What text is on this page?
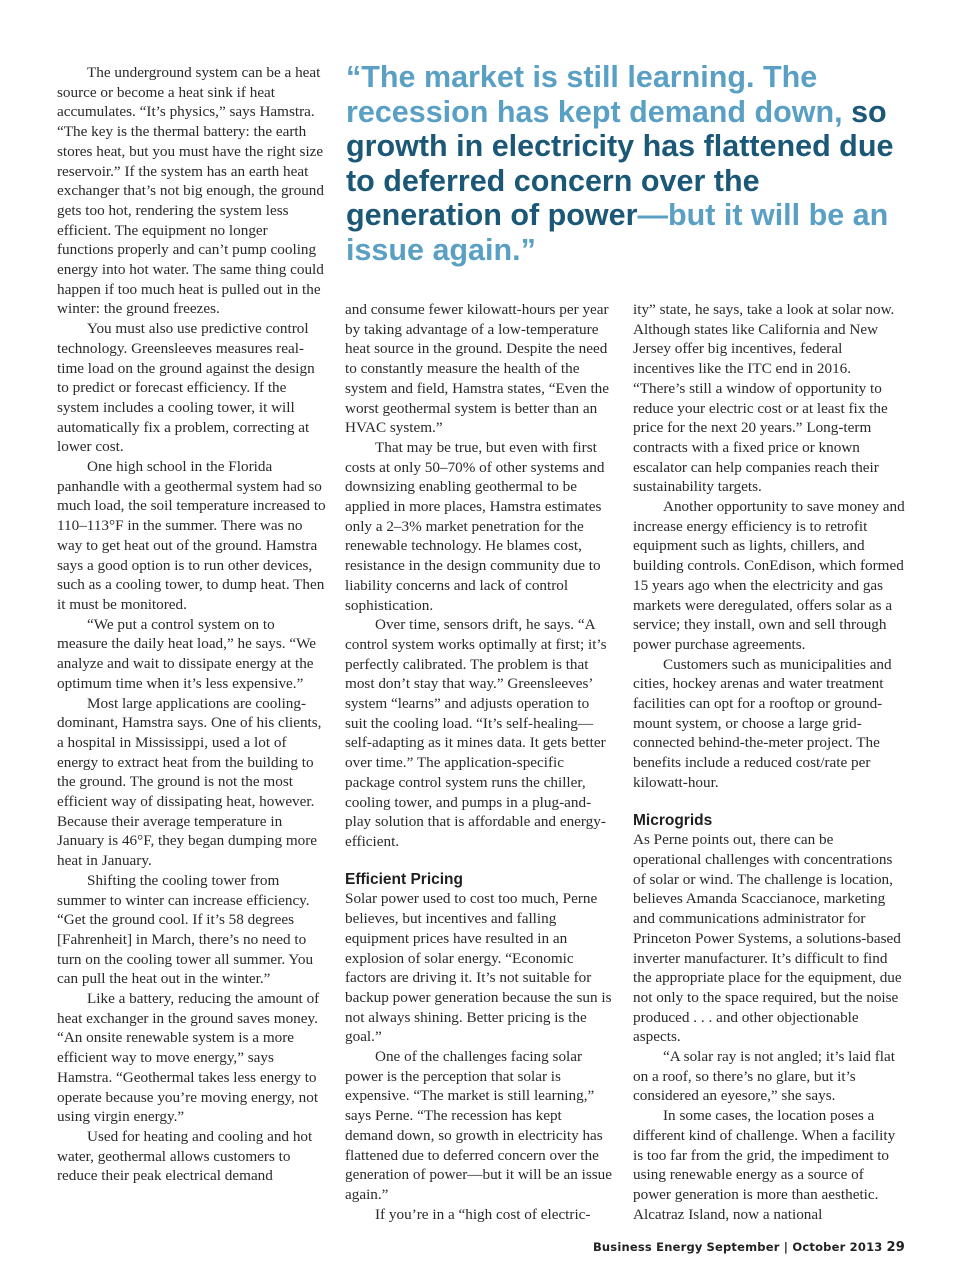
“The market is still learning. The recession has kept demand down, so growth in electricity has flattened due to deferred concern over the generation of power—but it will be an issue again.”

The underground system can be a heat source or become a heat sink if heat accumulates. “It’s physics,” says Hamstra. “The key is the thermal battery: the earth stores heat, but you must have the right size reservoir.” If the system has an earth heat exchanger that’s not big enough, the ground gets too hot, rendering the system less efficient. The equipment no longer functions properly and can’t pump cooling energy into hot water. The same thing could happen if too much heat is pulled out in the winter: the ground freezes.

You must also use predictive control technology. Greensleeves measures real-time load on the ground against the design to predict or forecast efficiency. If the system includes a cooling tower, it will automatically fix a problem, correcting at lower cost.

One high school in the Florida panhandle with a geothermal system had so much load, the soil temperature increased to 110–113°F in the summer. There was no way to get heat out of the ground. Hamstra says a good option is to run other devices, such as a cooling tower, to dump heat. Then it must be monitored.

“We put a control system on to measure the daily heat load,” he says. “We analyze and wait to dissipate energy at the optimum time when it’s less expensive.”

Most large applications are cooling-dominant, Hamstra says. One of his clients, a hospital in Mississippi, used a lot of energy to extract heat from the building to the ground. The ground is not the most efficient way of dissipating heat, however. Because their average temperature in January is 46°F, they began dumping more heat in January.

Shifting the cooling tower from summer to winter can increase efficiency. “Get the ground cool. If it’s 58 degrees [Fahrenheit] in March, there’s no need to turn on the cooling tower all summer. You can pull the heat out in the winter.”

Like a battery, reducing the amount of heat exchanger in the ground saves money. “An onsite renewable system is a more efficient way to move energy,” says Hamstra. “Geothermal takes less energy to operate because you’re moving energy, not using virgin energy.”

Used for heating and cooling and hot water, geothermal allows customers to reduce their peak electrical demand

and consume fewer kilowatt-hours per year by taking advantage of a low-temperature heat source in the ground. Despite the need to constantly measure the health of the system and field, Hamstra states, “Even the worst geothermal system is better than an HVAC system.”

That may be true, but even with first costs at only 50–70% of other systems and downsizing enabling geothermal to be applied in more places, Hamstra estimates only a 2–3% market penetration for the renewable technology. He blames cost, resistance in the design community due to liability concerns and lack of control sophistication.

Over time, sensors drift, he says. “A control system works optimally at first; it’s perfectly calibrated. The problem is that most don’t stay that way.” Greensleeves’ system “learns” and adjusts operation to suit the cooling load. “It’s self-healing—self-adapting as it mines data. It gets better over time.” The application-specific package control system runs the chiller, cooling tower, and pumps in a plug-and-play solution that is affordable and energy-efficient.

Efficient Pricing

Solar power used to cost too much, Perne believes, but incentives and falling equipment prices have resulted in an explosion of solar energy. “Economic factors are driving it. It’s not suitable for backup power generation because the sun is not always shining. Better pricing is the goal.”

One of the challenges facing solar power is the perception that solar is expensive. “The market is still learning,” says Perne. “The recession has kept demand down, so growth in electricity has flattened due to deferred concern over the generation of power—but it will be an issue again.”

If you’re in a “high cost of electric-

ity” state, he says, take a look at solar now. Although states like California and New Jersey offer big incentives, federal incentives like the ITC end in 2016. “There’s still a window of opportunity to reduce your electric cost or at least fix the price for the next 20 years.” Long-term contracts with a fixed price or known escalator can help companies reach their sustainability targets.

Another opportunity to save money and increase energy efficiency is to retrofit equipment such as lights, chillers, and building controls. ConEdison, which formed 15 years ago when the electricity and gas markets were deregulated, offers solar as a service; they install, own and sell through power purchase agreements.

Customers such as municipalities and cities, hockey arenas and water treatment facilities can opt for a rooftop or ground-mount system, or choose a large grid-connected behind-the-meter project. The benefits include a reduced cost/rate per kilowatt-hour.

Microgrids

As Perne points out, there can be operational challenges with concentrations of solar or wind. The challenge is location, believes Amanda Scaccianoce, marketing and communications administrator for Princeton Power Systems, a solutions-based inverter manufacturer. It’s difficult to find the appropriate place for the equipment, due not only to the space required, but the noise produced . . . and other objectionable aspects.

“A solar ray is not angled; it’s laid flat on a roof, so there’s no glare, but it’s considered an eyesore,” she says.

In some cases, the location poses a different kind of challenge. When a facility is too far from the grid, the impediment to using renewable energy as a source of power generation is more than aesthetic. Alcatraz Island, now a national

Business Energy September | October 2013 29
